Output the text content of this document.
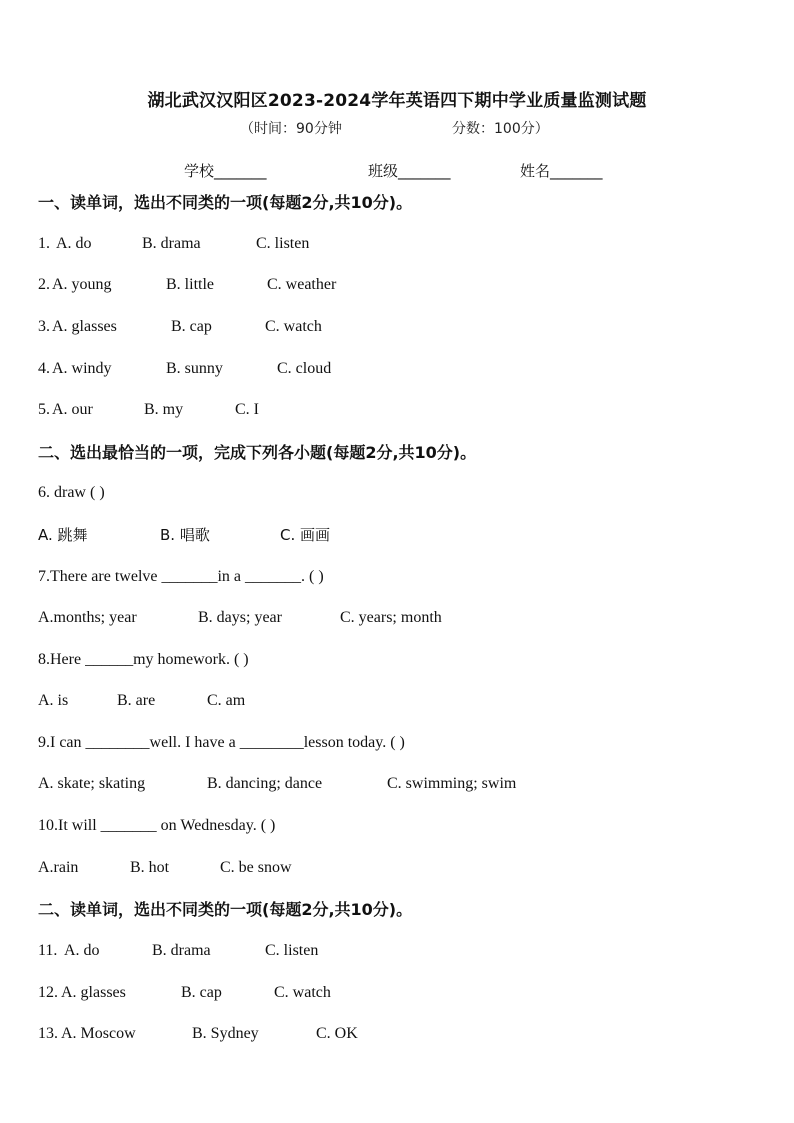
湖北武汉汉阳区2023-2024学年英语四下期中学业质量监测试题
（时间：90分钟	分数：100分）
学校_______	班级_______	姓名_______
一、读单词，选出不同类的一项(每题2分,共10分)。
1. A. do	B. drama	C. listen
2. A. young	B. little	C. weather
3. A. glasses	B. cap	C. watch
4. A. windy	B. sunny	C. cloud
5. A. our	B. my	C. I
二、选出最恰当的一项，完成下列各小题(每题2分,共10分)。
6. draw ( )
A. 跳舞	B. 唱歌	C. 画画
7.There are twelve _______in a _______. ( )
A.months; year	B. days; year	C. years; month
8.Here ______my homework. ( )
A. is	B. are	C. am
9.I can ________well. I have a ________lesson today. ( )
A. skate; skating	B. dancing; dance	C. swimming; swim
10.It will _______ on Wednesday. ( )
A.rain	B. hot	C. be snow
二、读单词，选出不同类的一项(每题2分,共10分)。
11. A. do	B. drama	C. listen
12. A. glasses	B. cap	C. watch
13. A. Moscow	B. Sydney	C. OK
